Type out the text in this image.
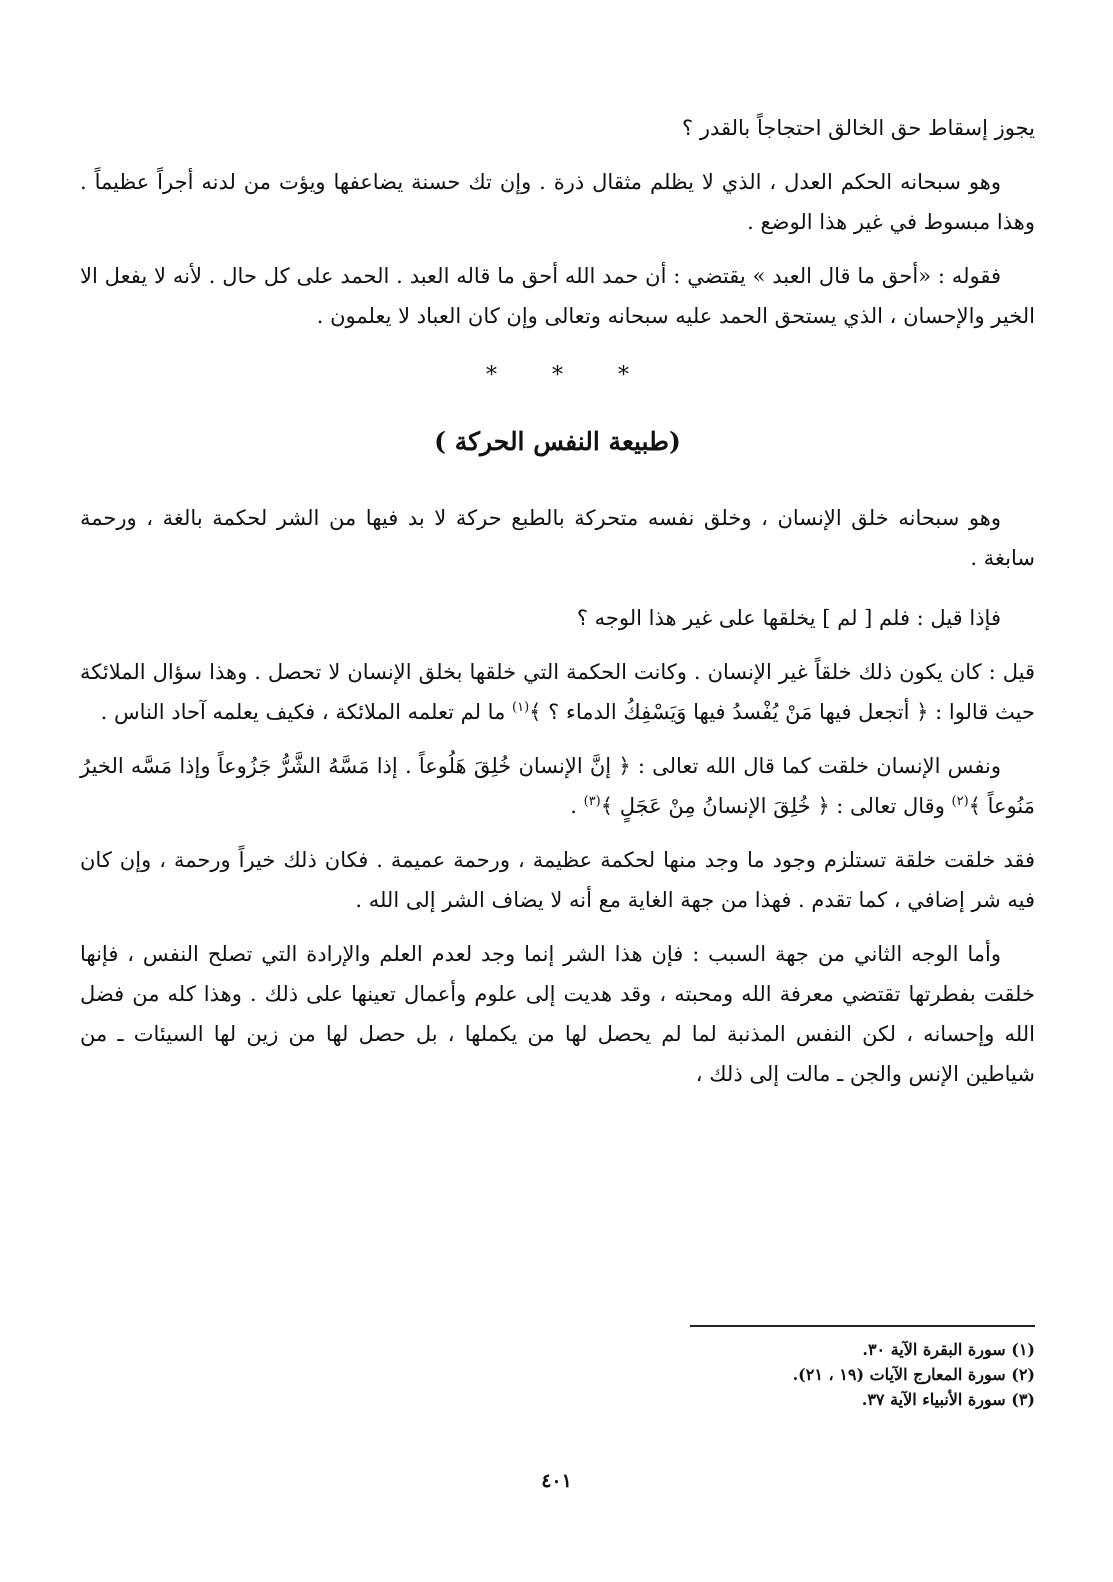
يجوز إسقاط حق الخالق احتجاجاً بالقدر ؟

وهو سبحانه الحكم العدل ، الذي لا يظلم مثقال ذرة . وإن تك حسنة يضاعفها ويؤت من لدنه أجراً عظيماً . وهذا مبسوط في غير هذا الوضع .

فقوله : «أحق ما قال العبد » يقتضي : أن حمد الله أحق ما قاله العبد . الحمد على كل حال . لأنه لا يفعل الا الخير والإحسان ، الذي يستحق الحمد عليه سبحانه وتعالى وإن كان العباد لا يعلمون .

*	*	*
(طبيعة النفس الحركة )

وهو سبحانه خلق الإنسان ، وخلق نفسه متحركة بالطبع حركة لا بد فيها من الشر لحكمة بالغة ، ورحمة سابغة .

فإذا قيل : فلم [ لم ] يخلقها على غير هذا الوجه ؟

قيل : كان يكون ذلك خلقاً غير الإنسان . وكانت الحكمة التي خلقها بخلق الإنسان لا تحصل . وهذا سؤال الملائكة حيث قالوا : ﴿ أتجعل فيها مَنْ يُفْسدُ فيها وَيَسْفِكُ الدماء ؟ ﴾$^{(١)}$ ما لم تعلمه الملائكة ، فكيف يعلمه آحاد الناس .

ونفس الإنسان خلقت كما قال الله تعالى : ﴿ إنَّ الإنسان خُلِقَ هَلُوعاً . إذا مَسَّهُ الشَّرُّ جَزُوعاً وإذا مَسَّه الخيرُ مَنُوعاً ﴾$^{(٢)}$ وقال تعالى : ﴿ خُلِقَ الإنسانُ مِنْ عَجَلٍ ﴾$^{(٣)}$ .

فقد خلقت خلقة تستلزم وجود ما وجد منها لحكمة عظيمة ، ورحمة عميمة . فكان ذلك خيراً ورحمة ، وإن كان فيه شر إضافي ، كما تقدم . فهذا من جهة الغاية مع أنه لا يضاف الشر إلى الله .

وأما الوجه الثاني من جهة السبب : فإن هذا الشر إنما وجد لعدم العلم والإرادة التي تصلح النفس ، فإنها خلقت بفطرتها تقتضي معرفة الله ومحبته ، وقد هديت إلى علوم وأعمال تعينها على ذلك . وهذا كله من فضل الله وإحسانه ، لكن النفس المذنبة لما لم يحصل لها من يكملها ، بل حصل لها من زين لها السيئات ـ من شياطين الإنس والجن ـ مالت إلى ذلك ،

(١) سورة البقرة الآية ٣٠.
(٢) سورة المعارج الآيات (١٩ ، ٢١).
(٣) سورة الأنبياء الآية ٣٧.
٤٠١
